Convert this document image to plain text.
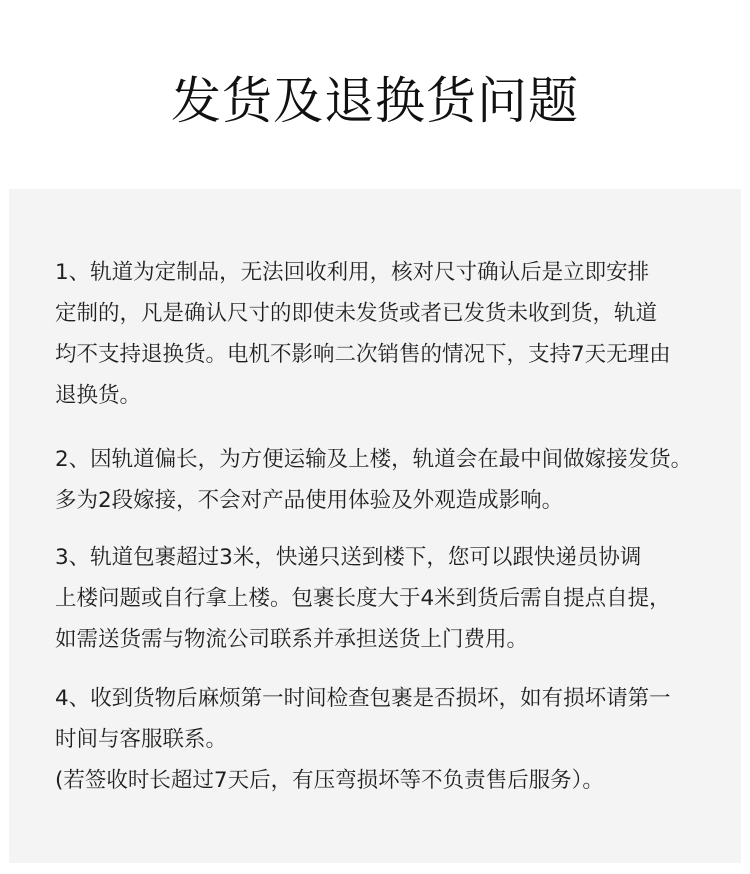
发货及退换货问题

1、轨道为定制品，无法回收利用，核对尺寸确认后是立即安排
定制的，凡是确认尺寸的即使未发货或者已发货未收到货，轨道
均不支持退换货。电机不影响二次销售的情况下，支持7天无理由
退换货。

2、因轨道偏长，为方便运输及上楼，轨道会在最中间做嫁接发货。
多为2段嫁接，不会对产品使用体验及外观造成影响。

3、轨道包裹超过3米，快递只送到楼下，您可以跟快递员协调
上楼问题或自行拿上楼。包裹长度大于4米到货后需自提点自提，
如需送货需与物流公司联系并承担送货上门费用。

4、收到货物后麻烦第一时间检查包裹是否损坏，如有损坏请第一
时间与客服联系。
(若签收时长超过7天后，有压弯损坏等不负责售后服务）。
